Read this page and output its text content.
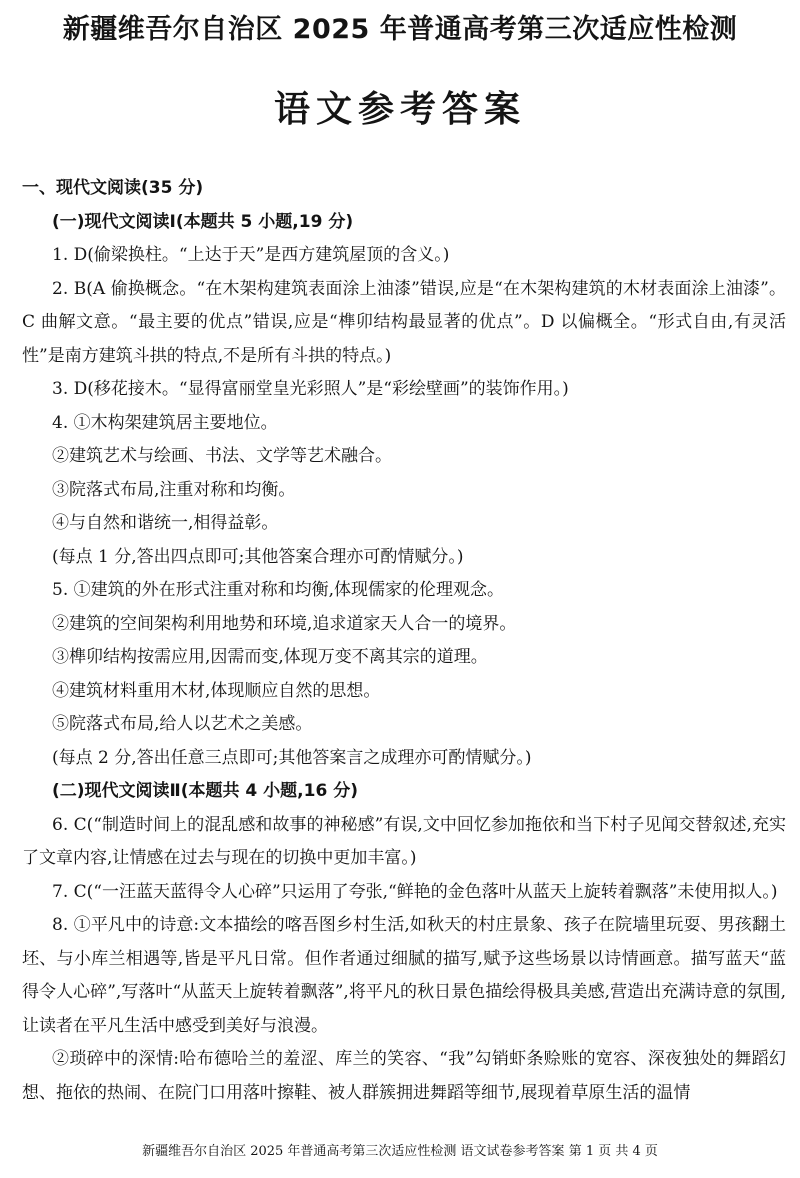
新疆维吾尔自治区 2025 年普通高考第三次适应性检测
语文参考答案

一、现代文阅读(35 分)

(一)现代文阅读Ⅰ(本题共 5 小题,19 分)

1. D(偷梁换柱。“上达于天”是西方建筑屋顶的含义。)

2. B(A 偷换概念。“在木架构建筑表面涂上油漆”错误,应是“在木架构建筑的木材表面涂上油漆”。C 曲解文意。“最主要的优点”错误,应是“榫卯结构最显著的优点”。D 以偏概全。“形式自由,有灵活性”是南方建筑斗拱的特点,不是所有斗拱的特点。)

3. D(移花接木。“显得富丽堂皇光彩照人”是“彩绘壁画”的装饰作用。)

4. ①木构架建筑居主要地位。

②建筑艺术与绘画、书法、文学等艺术融合。

③院落式布局,注重对称和均衡。

④与自然和谐统一,相得益彰。

(每点 1 分,答出四点即可;其他答案合理亦可酌情赋分。)

5. ①建筑的外在形式注重对称和均衡,体现儒家的伦理观念。

②建筑的空间架构利用地势和环境,追求道家天人合一的境界。

③榫卯结构按需应用,因需而变,体现万变不离其宗的道理。

④建筑材料重用木材,体现顺应自然的思想。

⑤院落式布局,给人以艺术之美感。

(每点 2 分,答出任意三点即可;其他答案言之成理亦可酌情赋分。)

(二)现代文阅读Ⅱ(本题共 4 小题,16 分)

6. C(“制造时间上的混乱感和故事的神秘感”有误,文中回忆参加拖依和当下村子见闻交替叙述,充实了文章内容,让情感在过去与现在的切换中更加丰富。)

7. C(“一汪蓝天蓝得令人心碎”只运用了夸张,“鲜艳的金色落叶从蓝天上旋转着飘落”未使用拟人。)

8. ①平凡中的诗意:文本描绘的喀吾图乡村生活,如秋天的村庄景象、孩子在院墙里玩耍、男孩翻土坯、与小库兰相遇等,皆是平凡日常。但作者通过细腻的描写,赋予这些场景以诗情画意。描写蓝天“蓝得令人心碎”,写落叶“从蓝天上旋转着飘落”,将平凡的秋日景色描绘得极具美感,营造出充满诗意的氛围,让读者在平凡生活中感受到美好与浪漫。

②琐碎中的深情:哈布德哈兰的羞涩、库兰的笑容、“我”勾销虾条赊账的宽容、深夜独处的舞蹈幻想、拖依的热闹、在院门口用落叶擦鞋、被人群簇拥进舞蹈等细节,展现着草原生活的温情

新疆维吾尔自治区 2025 年普通高考第三次适应性检测 语文试卷参考答案 第 1 页 共 4 页
